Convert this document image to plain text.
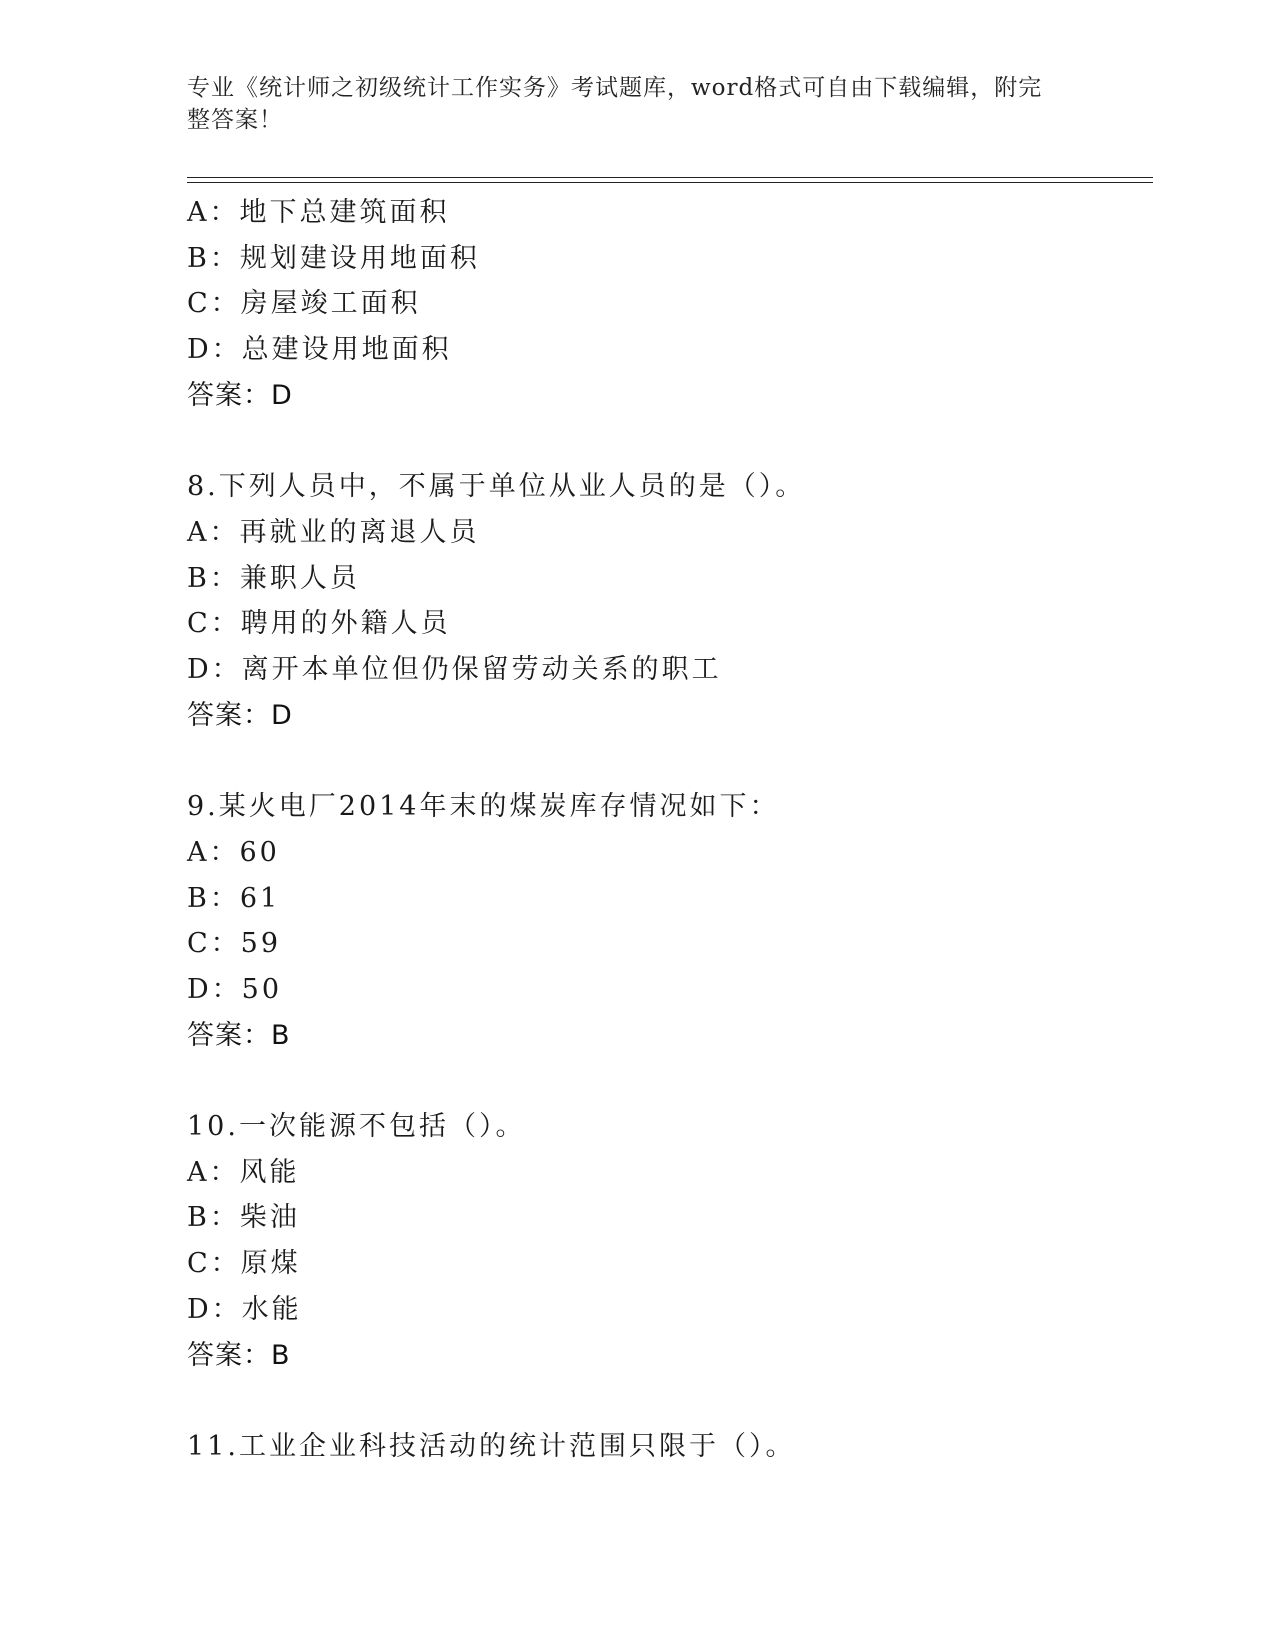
专业《统计师之初级统计工作实务》考试题库，word格式可自由下载编辑，附完
整答案！
A：地下总建筑面积
B：规划建设用地面积
C：房屋竣工面积
D：总建设用地面积
答案：D
8.下列人员中，不属于单位从业人员的是（）。
A：再就业的离退人员
B：兼职人员
C：聘用的外籍人员
D：离开本单位但仍保留劳动关系的职工
答案：D
9.某火电厂2014年末的煤炭库存情况如下：
A：60
B：61
C：59
D：50
答案：B
10.一次能源不包括（）。
A：风能
B：柴油
C：原煤
D：水能
答案：B
11.工业企业科技活动的统计范围只限于（）。
